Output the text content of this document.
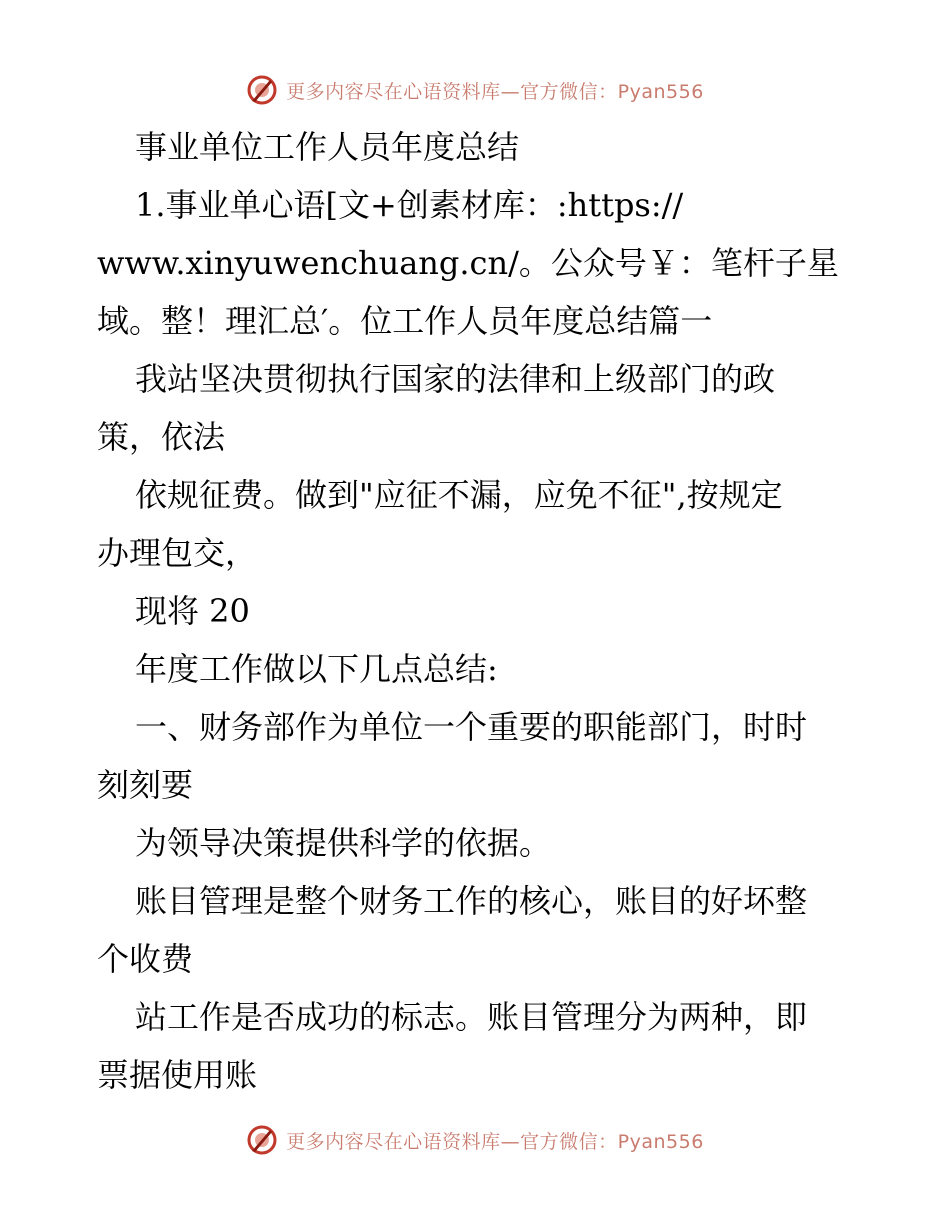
更多内容尽在心语资料库—官方微信：Pyan556
事业单位工作人员年度总结
1.事业单心语[文+创素材库：:https://
www.xinyuwenchuang.cn/。公众号￥：笔杆子星
域。整！理汇总′。位工作人员年度总结篇一
我站坚决贯彻执行国家的法律和上级部门的政
策，依法
依规征费。做到"应征不漏，应免不征",按规定
办理包交，
现将 20
年度工作做以下几点总结:
一、财务部作为单位一个重要的职能部门，时时
刻刻要
为领导决策提供科学的依据。
账目管理是整个财务工作的核心，账目的好坏整
个收费
站工作是否成功的标志。账目管理分为两种，即
票据使用账
更多内容尽在心语资料库—官方微信：Pyan556
